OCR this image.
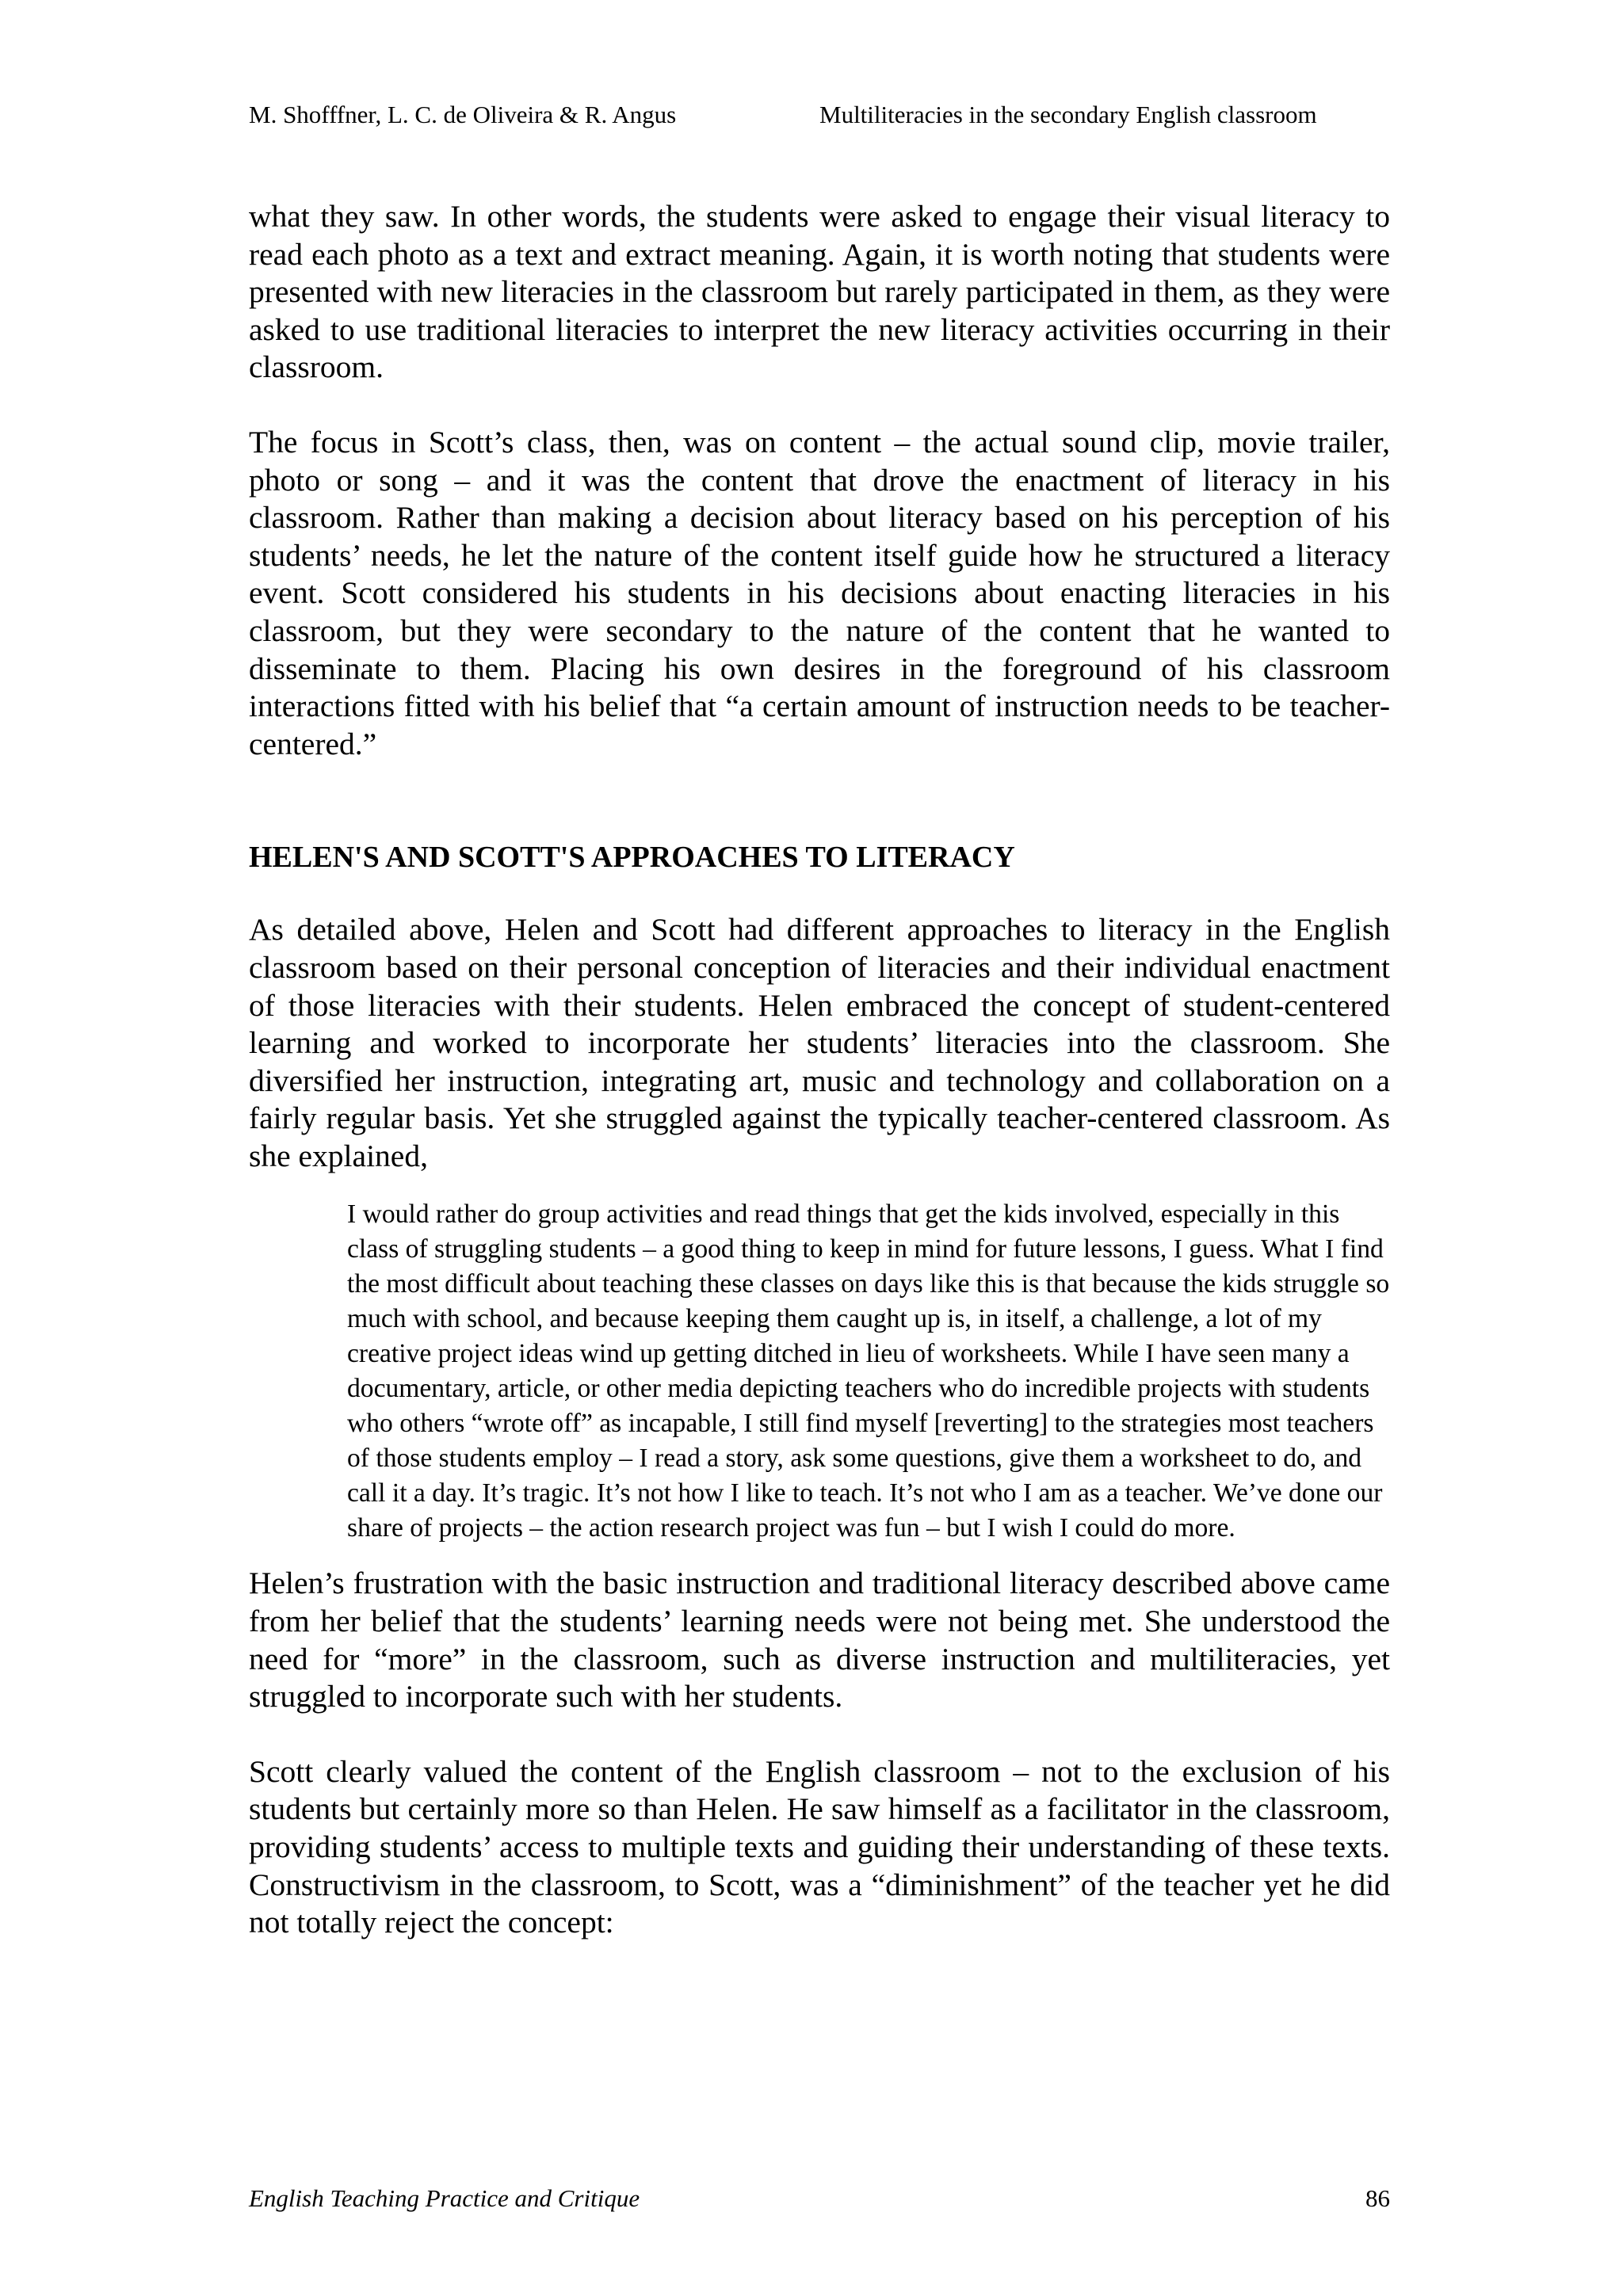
M. Shofffner, L. C. de Oliveira & R. Angus	Multiliteracies in the secondary English classroom

what they saw. In other words, the students were asked to engage their visual literacy to read each photo as a text and extract meaning. Again, it is worth noting that students were presented with new literacies in the classroom but rarely participated in them, as they were asked to use traditional literacies to interpret the new literacy activities occurring in their classroom.

The focus in Scott’s class, then, was on content – the actual sound clip, movie trailer, photo or song – and it was the content that drove the enactment of literacy in his classroom. Rather than making a decision about literacy based on his perception of his students’ needs, he let the nature of the content itself guide how he structured a literacy event. Scott considered his students in his decisions about enacting literacies in his classroom, but they were secondary to the nature of the content that he wanted to disseminate to them. Placing his own desires in the foreground of his classroom interactions fitted with his belief that “a certain amount of instruction needs to be teacher-centered.”

HELEN'S AND SCOTT'S APPROACHES TO LITERACY

As detailed above, Helen and Scott had different approaches to literacy in the English classroom based on their personal conception of literacies and their individual enactment of those literacies with their students. Helen embraced the concept of student-centered learning and worked to incorporate her students’ literacies into the classroom. She diversified her instruction, integrating art, music and technology and collaboration on a fairly regular basis. Yet she struggled against the typically teacher-centered classroom. As she explained,

I would rather do group activities and read things that get the kids involved, especially in this class of struggling students – a good thing to keep in mind for future lessons, I guess. What I find the most difficult about teaching these classes on days like this is that because the kids struggle so much with school, and because keeping them caught up is, in itself, a challenge, a lot of my creative project ideas wind up getting ditched in lieu of worksheets. While I have seen many a documentary, article, or other media depicting teachers who do incredible projects with students who others “wrote off” as incapable, I still find myself [reverting] to the strategies most teachers of those students employ – I read a story, ask some questions, give them a worksheet to do, and call it a day. It’s tragic. It’s not how I like to teach. It’s not who I am as a teacher. We’ve done our share of projects – the action research project was fun – but I wish I could do more.

Helen’s frustration with the basic instruction and traditional literacy described above came from her belief that the students’ learning needs were not being met. She understood the need for “more” in the classroom, such as diverse instruction and multiliteracies, yet struggled to incorporate such with her students.

Scott clearly valued the content of the English classroom – not to the exclusion of his students but certainly more so than Helen. He saw himself as a facilitator in the classroom, providing students’ access to multiple texts and guiding their understanding of these texts. Constructivism in the classroom, to Scott, was a “diminishment” of the teacher yet he did not totally reject the concept:

English Teaching Practice and Critique	86
